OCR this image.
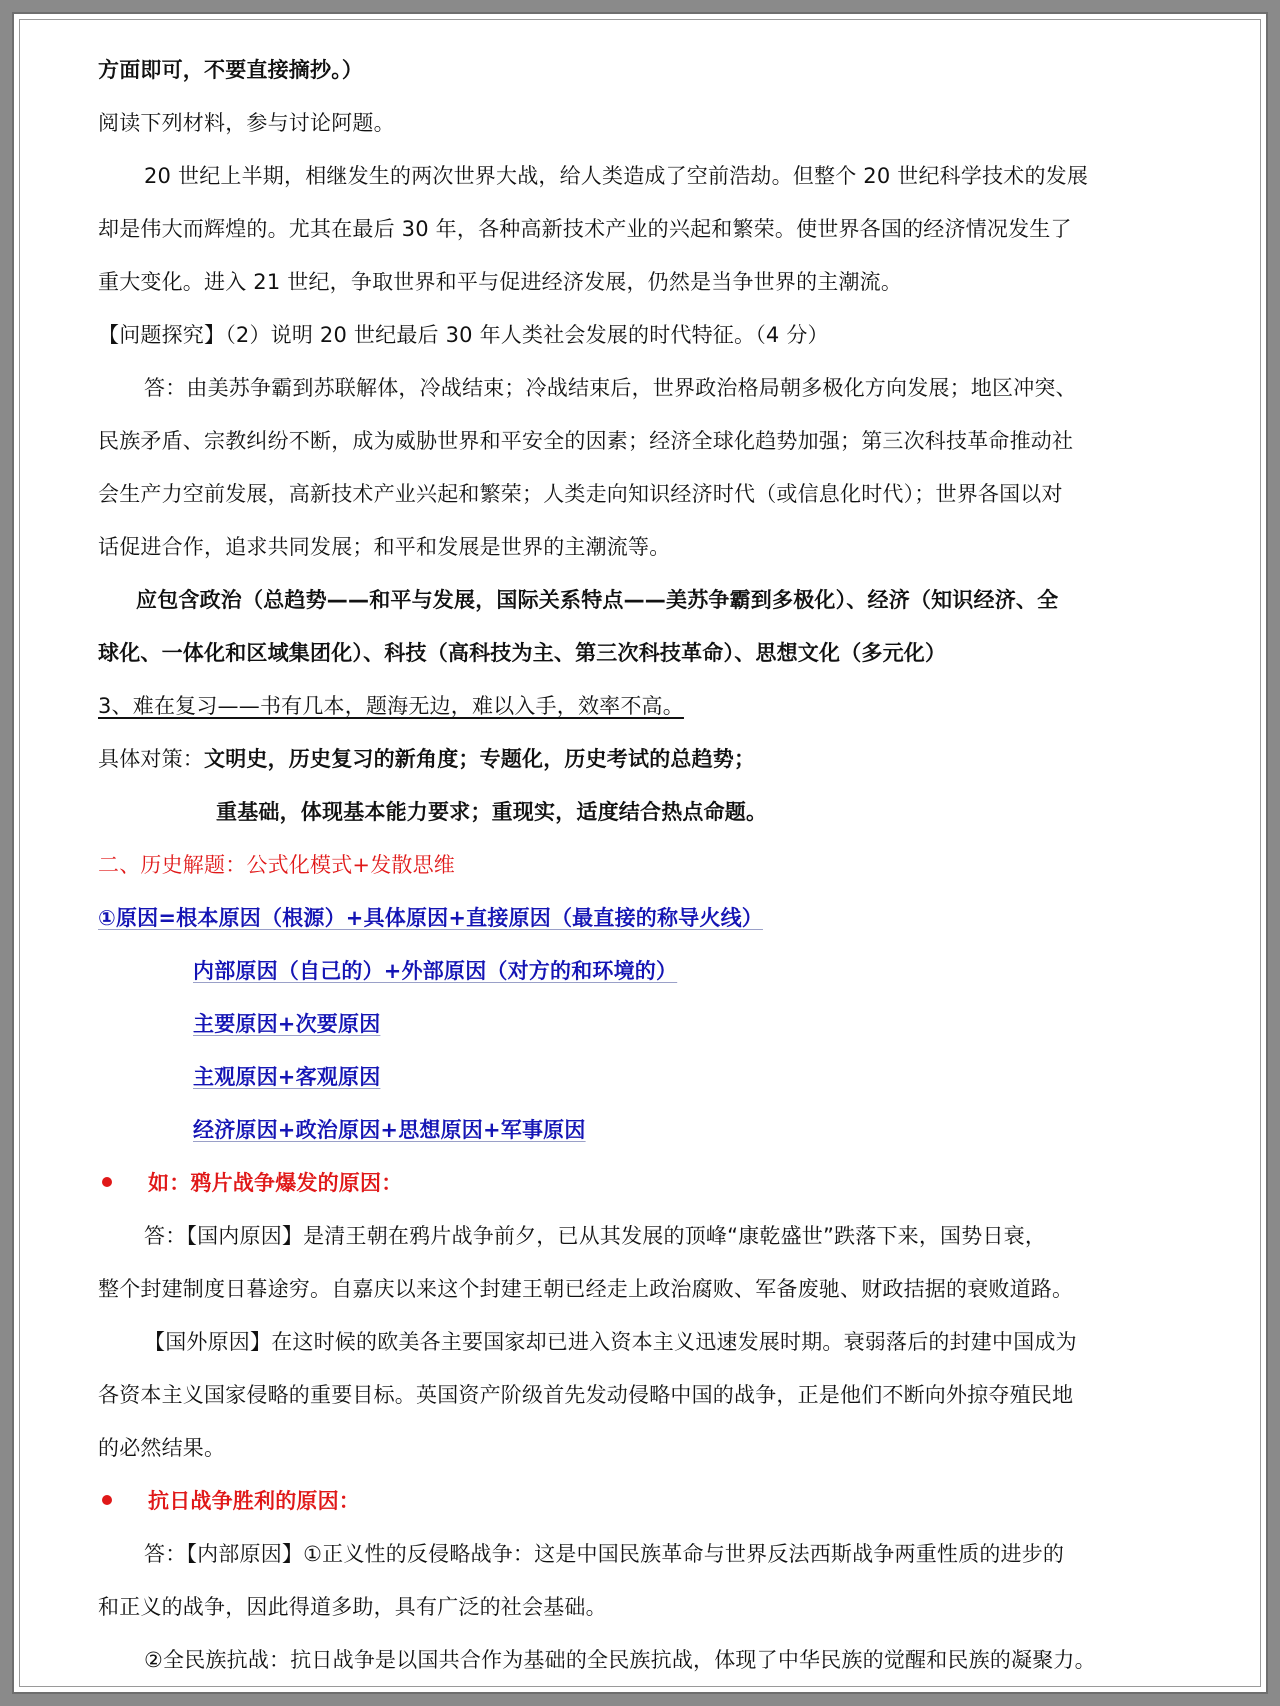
方面即可，不要直接摘抄。）
阅读下列材料，参与讨论阿题。
20 世纪上半期，相继发生的两次世界大战，给人类造成了空前浩劫。但整个 20 世纪科学技术的发展
却是伟大而辉煌的。尤其在最后 30 年，各种高新技术产业的兴起和繁荣。使世界各国的经济情况发生了
重大变化。进入 21 世纪，争取世界和平与促进经济发展，仍然是当争世界的主潮流。
【问题探究】（2）说明 20 世纪最后 30 年人类社会发展的时代特征。（4 分）
答：由美苏争霸到苏联解体，冷战结束；冷战结束后，世界政治格局朝多极化方向发展；地区冲突、
民族矛盾、宗教纠纷不断，成为威胁世界和平安全的因素；经济全球化趋势加强；第三次科技革命推动社
会生产力空前发展，高新技术产业兴起和繁荣；人类走向知识经济时代（或信息化时代）；世界各国以对
话促进合作，追求共同发展；和平和发展是世界的主潮流等。
应包含政治（总趋势——和平与发展，国际关系特点——美苏争霸到多极化）、经济（知识经济、全
球化、一体化和区域集团化）、科技（高科技为主、第三次科技革命）、思想文化（多元化）
3、难在复习——书有几本，题海无边，难以入手，效率不高。
具体对策：文明史，历史复习的新角度；专题化，历史考试的总趋势；
重基础，体现基本能力要求；重现实，适度结合热点命题。
二、历史解题：公式化模式+发散思维
①原因=根本原因（根源）+具体原因+直接原因（最直接的称导火线）
内部原因（自己的）+外部原因（对方的和环境的）
主要原因+次要原因
主观原因+客观原因
经济原因+政治原因+思想原因+军事原因
如：鸦片战争爆发的原因：
答：【国内原因】是清王朝在鸦片战争前夕，已从其发展的顶峰“康乾盛世”跌落下来，国势日衰，
整个封建制度日暮途穷。自嘉庆以来这个封建王朝已经走上政治腐败、军备废驰、财政拮据的衰败道路。
【国外原因】在这时候的欧美各主要国家却已进入资本主义迅速发展时期。衰弱落后的封建中国成为
各资本主义国家侵略的重要目标。英国资产阶级首先发动侵略中国的战争，正是他们不断向外掠夺殖民地
的必然结果。
抗日战争胜利的原因：
答：【内部原因】①正义性的反侵略战争：这是中国民族革命与世界反法西斯战争两重性质的进步的
和正义的战争，因此得道多助，具有广泛的社会基础。
②全民族抗战：抗日战争是以国共合作为基础的全民族抗战，体现了中华民族的觉醒和民族的凝聚力。
